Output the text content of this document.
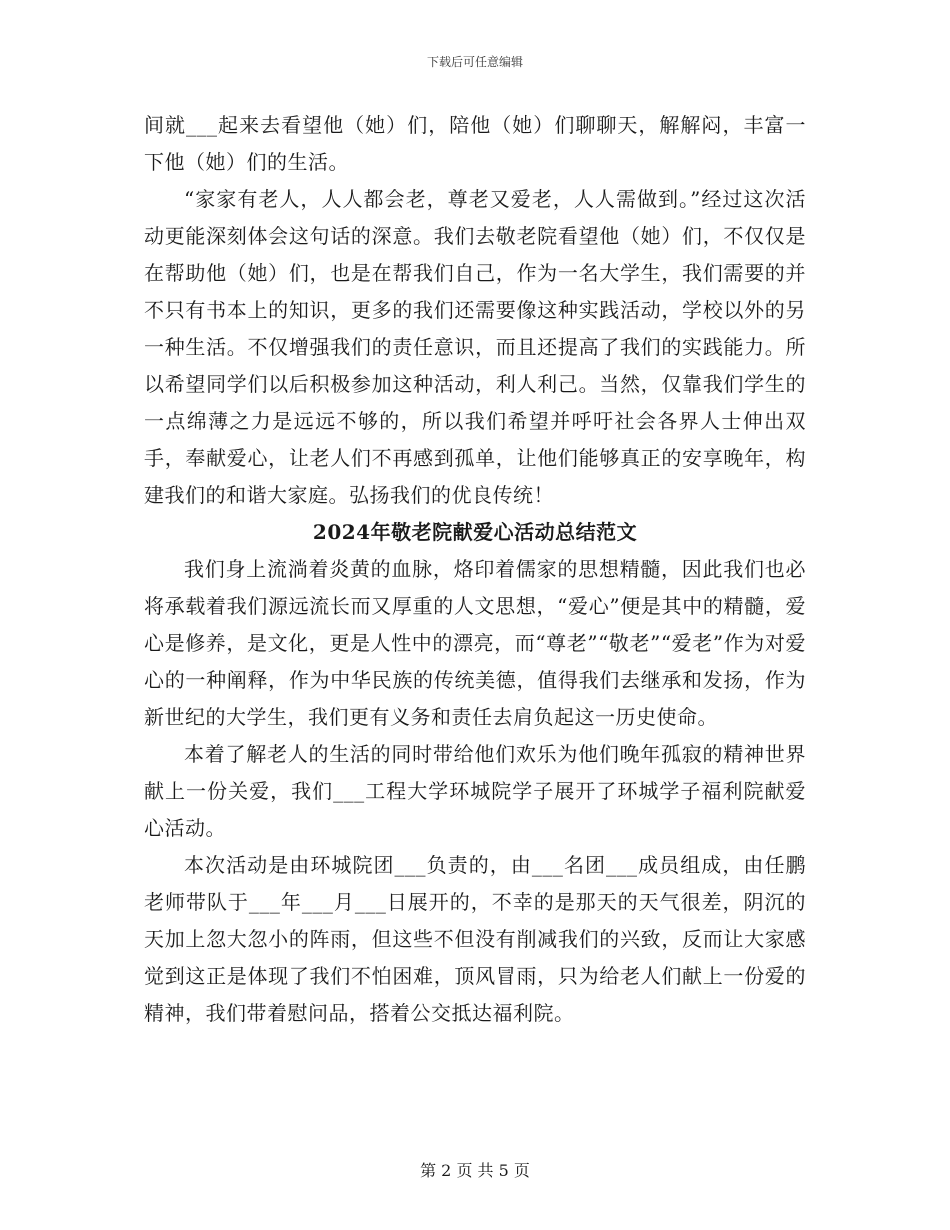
下载后可任意编辑

间就___起来去看望他（她）们，陪他（她）们聊聊天，解解闷，丰富一下他（她）们的生活。

“家家有老人，人人都会老，尊老又爱老，人人需做到。”经过这次活动更能深刻体会这句话的深意。我们去敬老院看望他（她）们，不仅仅是在帮助他（她）们，也是在帮我们自己，作为一名大学生，我们需要的并不只有书本上的知识，更多的我们还需要像这种实践活动，学校以外的另一种生活。不仅增强我们的责任意识，而且还提高了我们的实践能力。所以希望同学们以后积极参加这种活动，利人利己。当然，仅靠我们学生的一点绵薄之力是远远不够的，所以我们希望并呼吁社会各界人士伸出双手，奉献爱心，让老人们不再感到孤单，让他们能够真正的安享晚年，构建我们的和谐大家庭。弘扬我们的优良传统！

2024年敬老院献爱心活动总结范文

我们身上流淌着炎黄的血脉，烙印着儒家的思想精髓，因此我们也必将承载着我们源远流长而又厚重的人文思想，“爱心”便是其中的精髓，爱心是修养，是文化，更是人性中的漂亮，而“尊老”“敬老”“爱老”作为对爱心的一种阐释，作为中华民族的传统美德，值得我们去继承和发扬，作为新世纪的大学生，我们更有义务和责任去肩负起这一历史使命。

本着了解老人的生活的同时带给他们欢乐为他们晚年孤寂的精神世界献上一份关爱，我们___工程大学环城院学子展开了环城学子福利院献爱心活动。

本次活动是由环城院团___负责的，由___名团___成员组成，由任鹏老师带队于___年___月___日展开的，不幸的是那天的天气很差，阴沉的天加上忽大忽小的阵雨，但这些不但没有削减我们的兴致，反而让大家感觉到这正是体现了我们不怕困难，顶风冒雨，只为给老人们献上一份爱的精神，我们带着慰问品，搭着公交抵达福利院。

第 2 页 共 5 页
